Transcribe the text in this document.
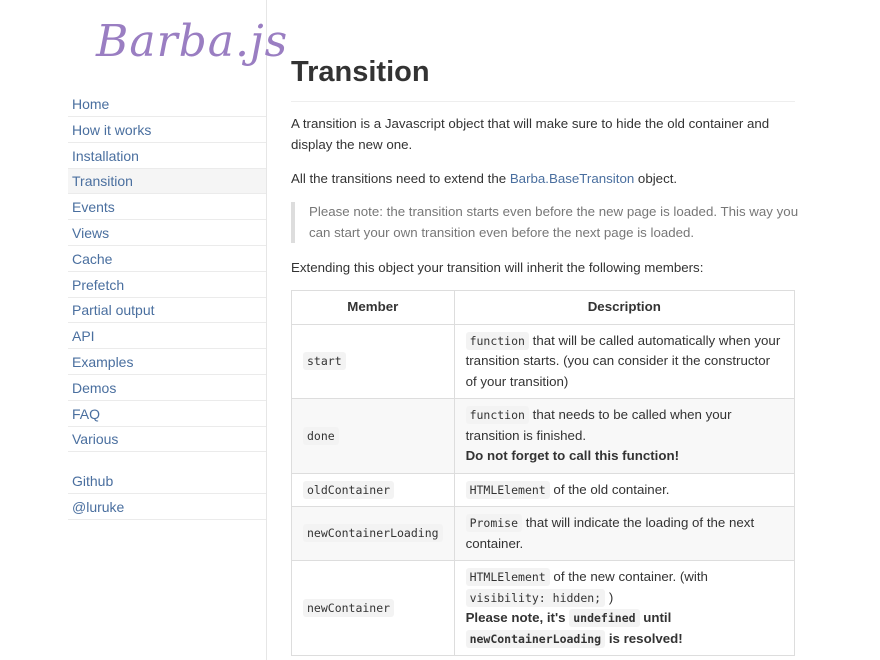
Barba.js
Home
How it works
Installation
Transition
Events
Views
Cache
Prefetch
Partial output
API
Examples
Demos
FAQ
Various
Github
@luruke
Transition

A transition is a Javascript object that will make sure to hide the old container and display the new one.

All the transitions need to extend the Barba.BaseTransiton object.

Please note: the transition starts even before the new page is loaded. This way you can start your own transition even before the next page is loaded.

Extending this object your transition will inherit the following members:

Member	Description
start	function that will be called automatically when your transition starts. (you can consider it the constructor of your transition)
done	function that needs to be called when your transition is finished.
Do not forget to call this function!
oldContainer	HTMLElement of the old container.
newContainerLoading	Promise that will indicate the loading of the next container.
newContainer	HTMLElement of the new container. (with visibility: hidden; )
Please note, it's undefined until
newContainerLoading is resolved!
